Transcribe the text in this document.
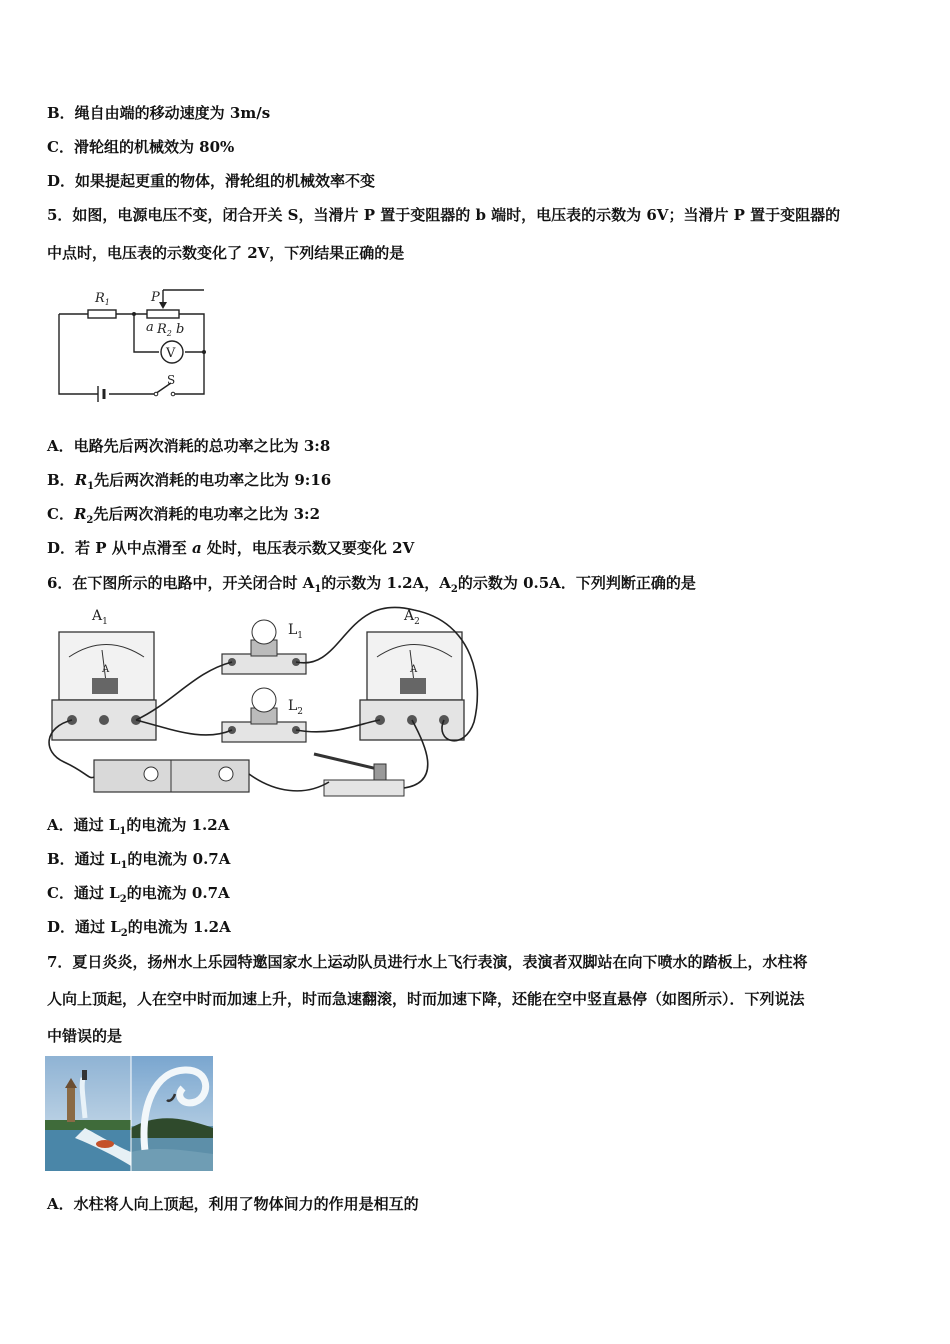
B．绳自由端的移动速度为 3m/s
C．滑轮组的机械效为 80%
D．如果提起更重的物体，滑轮组的机械效率不变
5．如图，电源电压不变，闭合开关 S，当滑片 P 置于变阻器的 b 端时，电压表的示数为 6V；当滑片 P 置于变阻器的
中点时，电压表的示数变化了 2V，下列结果正确的是
$R_1$	P
a $R_2$ b
V
S
A．电路先后两次消耗的总功率之比为 3:8
B．$R_1$先后两次消耗的电功率之比为 9:16
C．$R_2$先后两次消耗的电功率之比为 3:2
D．若 P 从中点滑至 a 处时，电压表示数又要变化 2V
6．在下图所示的电路中，开关闭合时 $A_1$的示数为 1.2A，$A_2$的示数为 0.5A．下列判断正确的是
$A_1$	$A_2$
$L_1$
$L_2$
A	A
A．通过 $L_1$的电流为 1.2A
B．通过 $L_1$的电流为 0.7A
C．通过 $L_2$的电流为 0.7A
D．通过 $L_2$的电流为 1.2A
7．夏日炎炎，扬州水上乐园特邀国家水上运动队员进行水上飞行表演，表演者双脚站在向下喷水的踏板上，水柱将
人向上顶起，人在空中时而加速上升，时而急速翻滚，时而加速下降，还能在空中竖直悬停（如图所示）．下列说法
中错误的是
A．水柱将人向上顶起，利用了物体间力的作用是相互的
